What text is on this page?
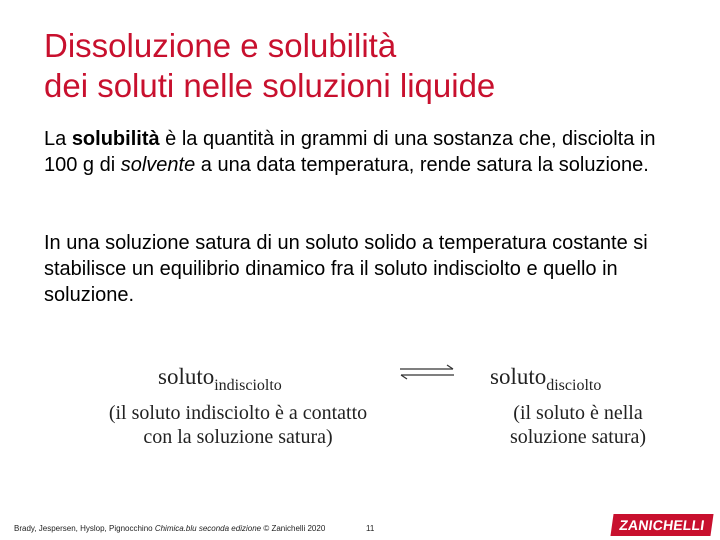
Dissoluzione e solubilità
dei soluti nelle soluzioni liquide

La solubilità è la quantità in grammi di una sostanza che, disciolta in 100 g di solvente a una data temperatura, rende satura la soluzione.

In una soluzione satura di un soluto solido a temperatura costante si stabilisce un equilibrio dinamico fra il soluto indisciolto e quello in soluzione.

solutoindisciolto
(il soluto indisciolto è a contatto
con la soluzione satura)
solutodisciolto
(il soluto è nella
soluzione satura)
Brady, Jespersen, Hyslop, Pignocchino Chimica.blu seconda edizione © Zanichelli 2020	11	ZANICHELLI
